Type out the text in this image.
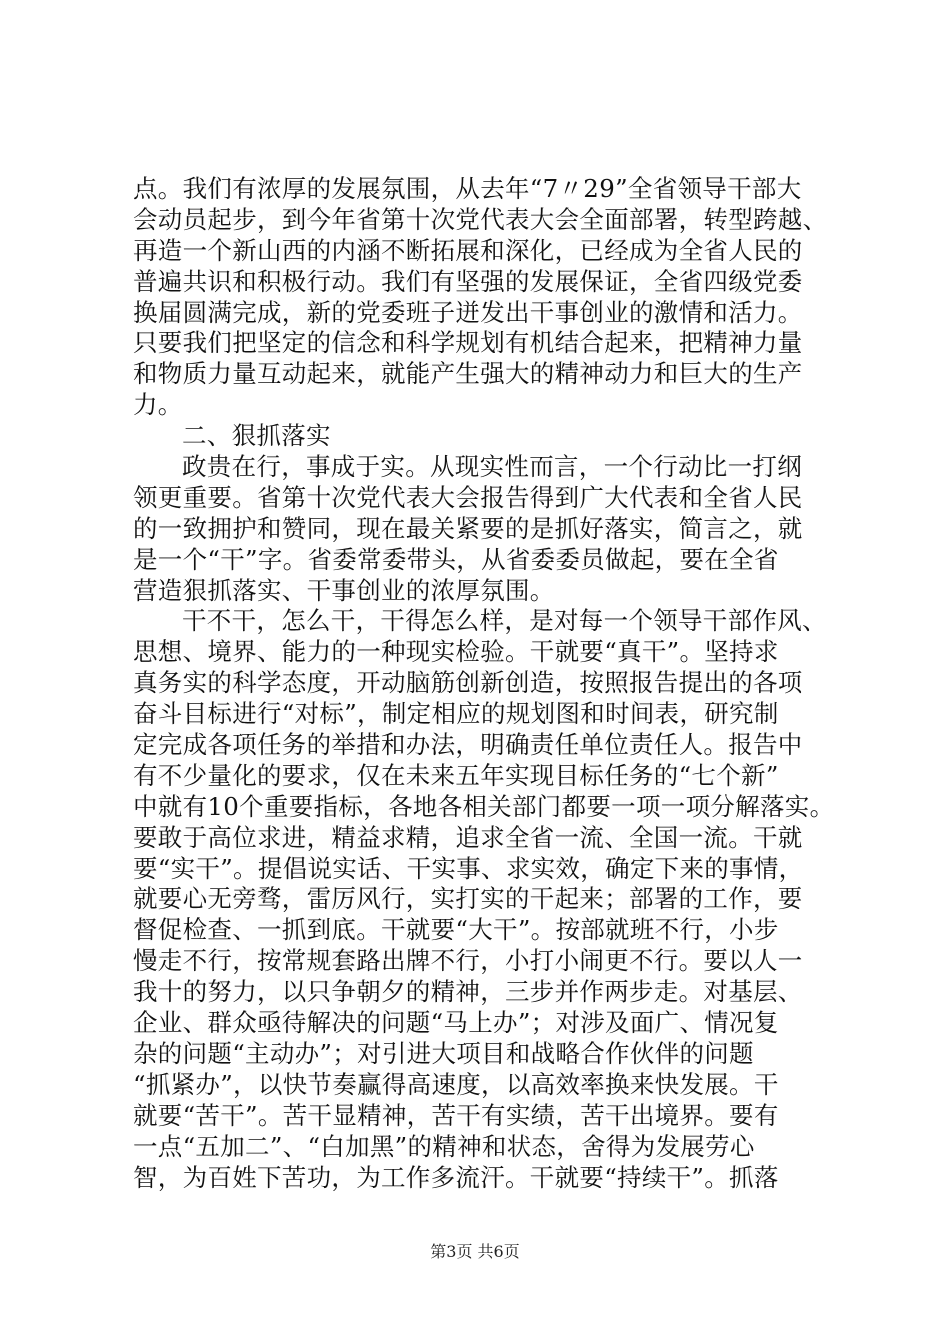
点。我们有浓厚的发展氛围，从去年“7〃29”全省领导干部大
会动员起步，到今年省第十次党代表大会全面部署，转型跨越、
再造一个新山西的内涵不断拓展和深化，已经成为全省人民的
普遍共识和积极行动。我们有坚强的发展保证，全省四级党委
换届圆满完成，新的党委班子迸发出干事创业的激情和活力。
只要我们把坚定的信念和科学规划有机结合起来，把精神力量
和物质力量互动起来，就能产生强大的精神动力和巨大的生产
力。
二、狠抓落实
政贵在行，事成于实。从现实性而言，一个行动比一打纲
领更重要。省第十次党代表大会报告得到广大代表和全省人民
的一致拥护和赞同，现在最关紧要的是抓好落实，简言之，就
是一个“干”字。省委常委带头，从省委委员做起，要在全省
营造狠抓落实、干事创业的浓厚氛围。
干不干，怎么干，干得怎么样，是对每一个领导干部作风、
思想、境界、能力的一种现实检验。干就要“真干”。坚持求
真务实的科学态度，开动脑筋创新创造，按照报告提出的各项
奋斗目标进行“对标”，制定相应的规划图和时间表，研究制
定完成各项任务的举措和办法，明确责任单位责任人。报告中
有不少量化的要求，仅在未来五年实现目标任务的“七个新”
中就有10个重要指标，各地各相关部门都要一项一项分解落实。
要敢于高位求进，精益求精，追求全省一流、全国一流。干就
要“实干”。提倡说实话、干实事、求实效，确定下来的事情，
就要心无旁骛，雷厉风行，实打实的干起来；部署的工作，要
督促检查、一抓到底。干就要“大干”。按部就班不行，小步
慢走不行，按常规套路出牌不行，小打小闹更不行。要以人一
我十的努力，以只争朝夕的精神，三步并作两步走。对基层、
企业、群众亟待解决的问题“马上办”；对涉及面广、情况复
杂的问题“主动办”；对引进大项目和战略合作伙伴的问题
“抓紧办”，以快节奏赢得高速度，以高效率换来快发展。干
就要“苦干”。苦干显精神，苦干有实绩，苦干出境界。要有
一点“五加二”、“白加黑”的精神和状态，舍得为发展劳心
智，为百姓下苦功，为工作多流汗。干就要“持续干”。抓落
第3页 共6页
